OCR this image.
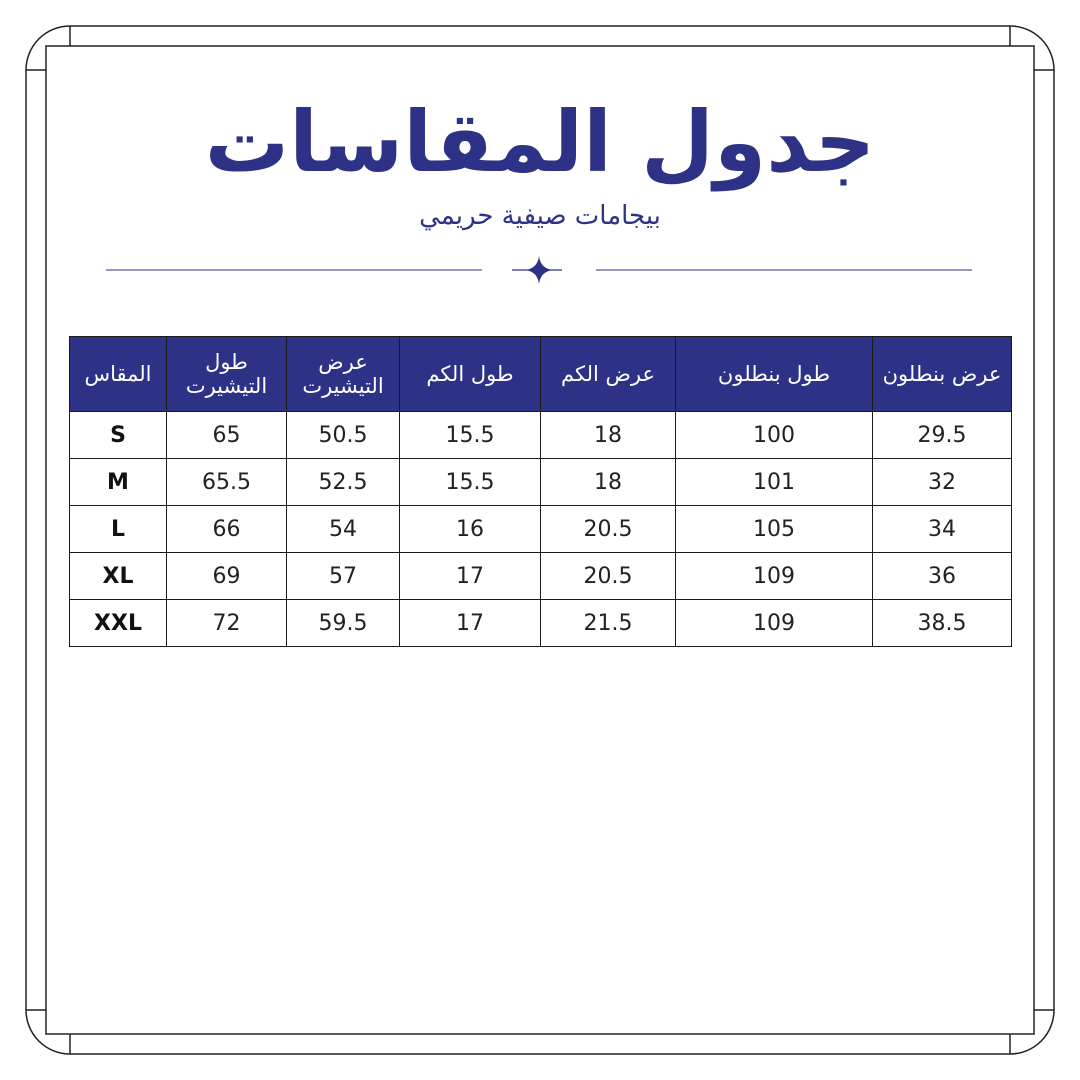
جدول المقاسات
بيجامات صيفية حريمي
المقاس	طول التيشيرت	عرض التيشيرت	طول الكم	عرض الكم	طول بنطلون	عرض بنطلون
S	65	50.5	15.5	18	100	29.5
M	65.5	52.5	15.5	18	101	32
L	66	54	16	20.5	105	34
XL	69	57	17	20.5	109	36
XXL	72	59.5	17	21.5	109	38.5
